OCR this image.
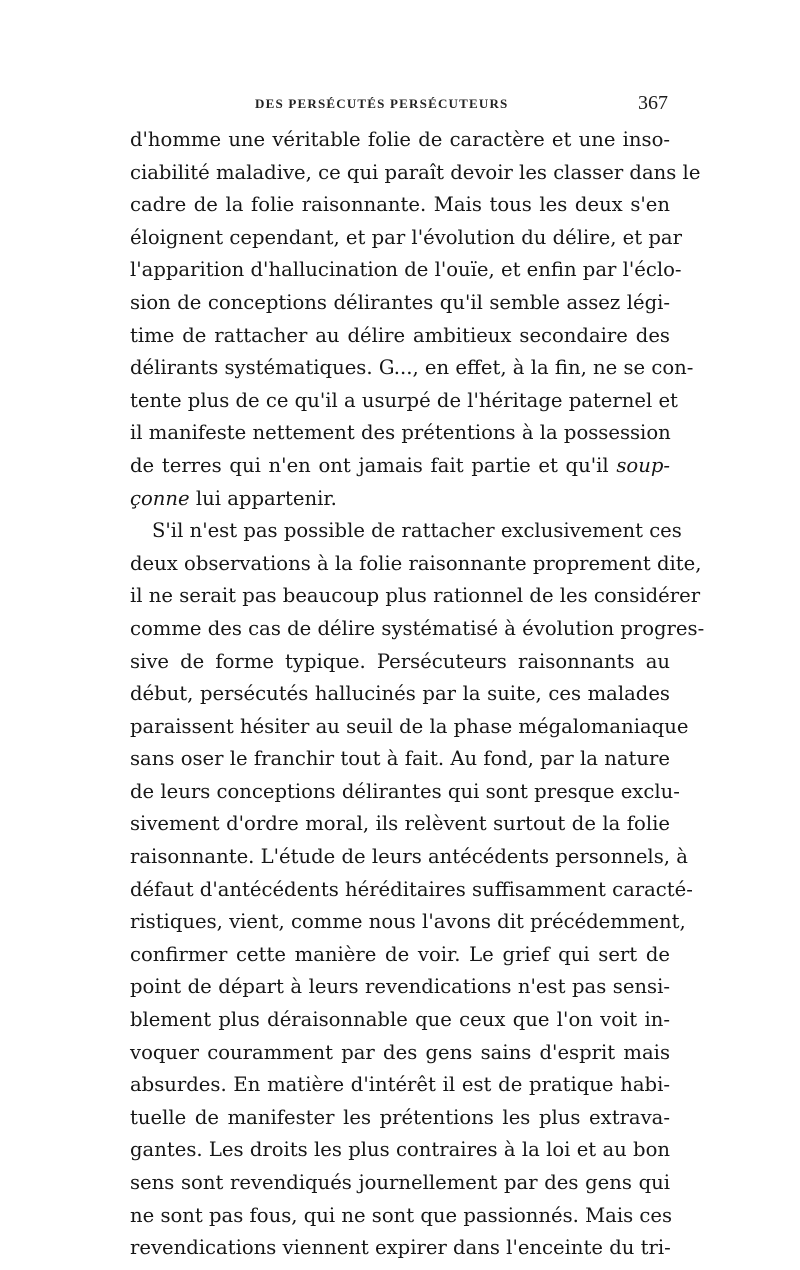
DES PERSÉCUTÉS PERSÉCUTEURS	367
d'homme une véritable folie de caractère et une inso-
ciabilité maladive, ce qui paraît devoir les classer dans le
cadre de la folie raisonnante. Mais tous les deux s'en
éloignent cependant, et par l'évolution du délire, et par
l'apparition d'hallucination de l'ouïe, et enfin par l'éclo-
sion de conceptions délirantes qu'il semble assez légi-
time de rattacher au délire ambitieux secondaire des
délirants systématiques. G..., en effet, à la fin, ne se con-
tente plus de ce qu'il a usurpé de l'héritage paternel et
il manifeste nettement des prétentions à la possession
de terres qui n'en ont jamais fait partie et qu'il soup-
çonne lui appartenir.
S'il n'est pas possible de rattacher exclusivement ces
deux observations à la folie raisonnante proprement dite,
il ne serait pas beaucoup plus rationnel de les considérer
comme des cas de délire systématisé à évolution progres-
sive de forme typique. Persécuteurs raisonnants au
début, persécutés hallucinés par la suite, ces malades
paraissent hésiter au seuil de la phase mégalomaniaque
sans oser le franchir tout à fait. Au fond, par la nature
de leurs conceptions délirantes qui sont presque exclu-
sivement d'ordre moral, ils relèvent surtout de la folie
raisonnante. L'étude de leurs antécédents personnels, à
défaut d'antécédents héréditaires suffisamment caracté-
ristiques, vient, comme nous l'avons dit précédemment,
confirmer cette manière de voir. Le grief qui sert de
point de départ à leurs revendications n'est pas sensi-
blement plus déraisonnable que ceux que l'on voit in-
voquer couramment par des gens sains d'esprit mais
absurdes. En matière d'intérêt il est de pratique habi-
tuelle de manifester les prétentions les plus extrava-
gantes. Les droits les plus contraires à la loi et au bon
sens sont revendiqués journellement par des gens qui
ne sont pas fous, qui ne sont que passionnés. Mais ces
revendications viennent expirer dans l'enceinte du tri-
